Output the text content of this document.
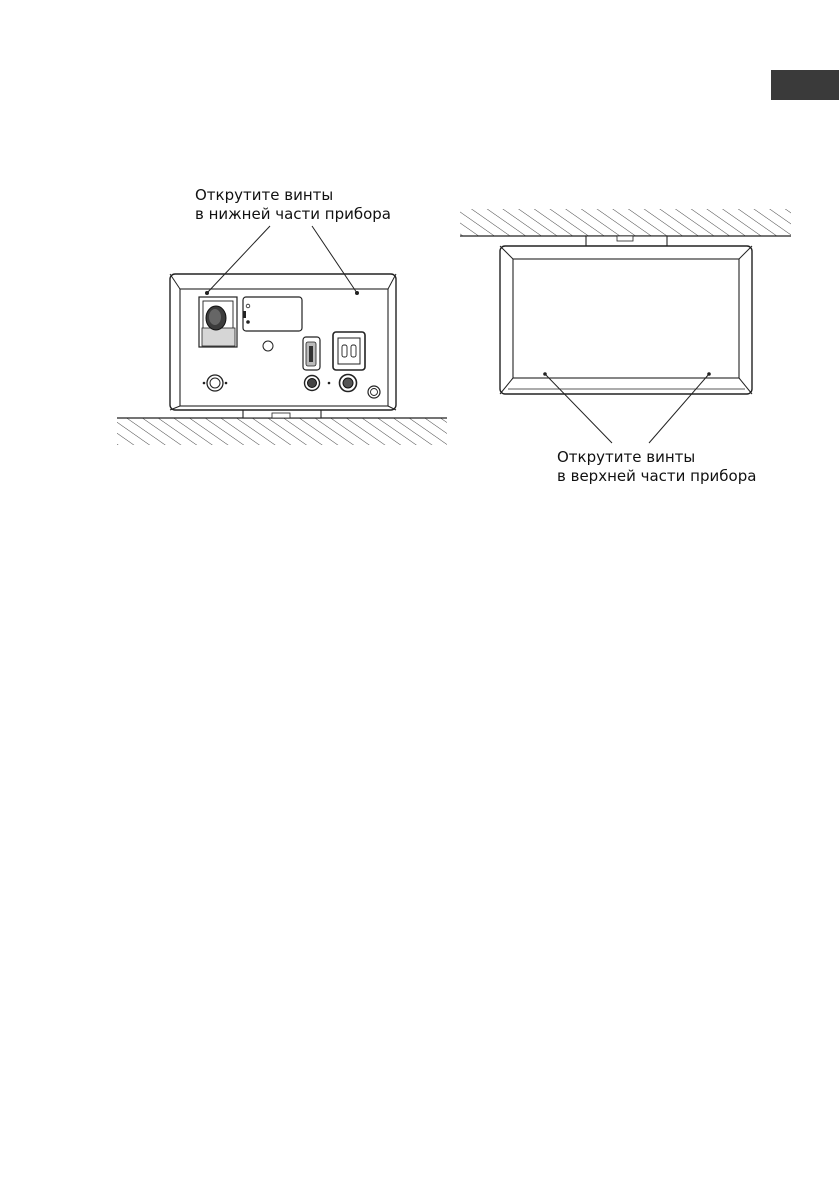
Открутите винты
в нижней части прибора
Открутите винты
в верхней части прибора
